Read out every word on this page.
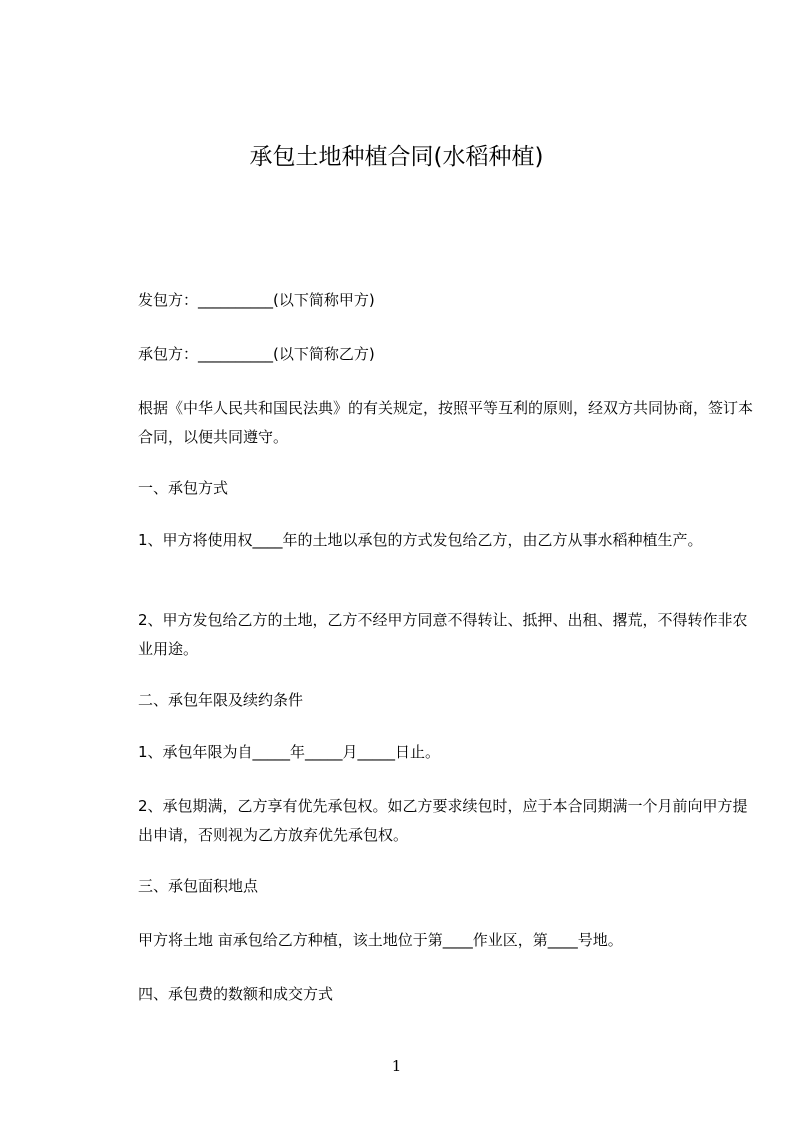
承包土地种植合同(水稻种植)

发包方：__________(以下简称甲方)

承包方：__________(以下简称乙方)

根据《中华人民共和国民法典》的有关规定，按照平等互利的原则，经双方共同协商，签订本合同，以便共同遵守。

一、承包方式

1、甲方将使用权____年的土地以承包的方式发包给乙方，由乙方从事水稻种植生产。

2、甲方发包给乙方的土地，乙方不经甲方同意不得转让、抵押、出租、撂荒，不得转作非农业用途。

二、承包年限及续约条件

1、承包年限为自_____年_____月_____日止。

2、承包期满，乙方享有优先承包权。如乙方要求续包时，应于本合同期满一个月前向甲方提出申请，否则视为乙方放弃优先承包权。

三、承包面积地点

甲方将土地 亩承包给乙方种植，该土地位于第____作业区，第____号地。

四、承包费的数额和成交方式

1
